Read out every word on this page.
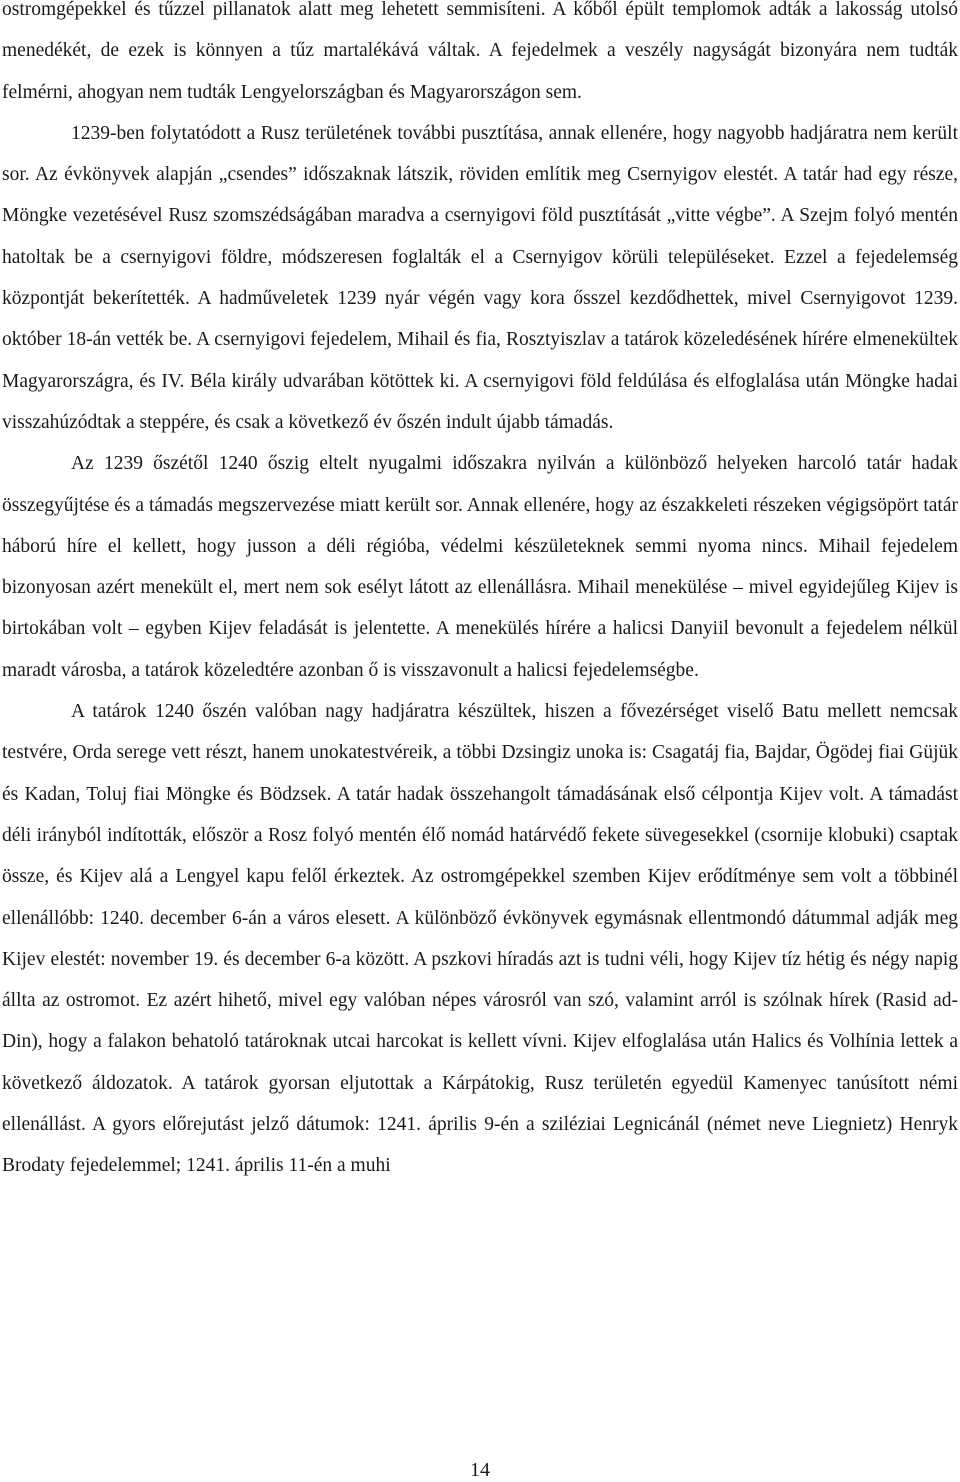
ostromgépekkel és tűzzel pillanatok alatt meg lehetett semmisíteni. A kőből épült templomok adták a lakosság utolsó menedékét, de ezek is könnyen a tűz martalékává váltak. A fejedelmek a veszély nagyságát bizonyára nem tudták felmérni, ahogyan nem tudták Lengyelországban és Magyarországon sem.

1239-ben folytatódott a Rusz területének további pusztítása, annak ellenére, hogy nagyobb hadjáratra nem került sor. Az évkönyvek alapján „csendes” időszaknak látszik, röviden említik meg Csernyigov elestét. A tatár had egy része, Möngke vezetésével Rusz szomszédságában maradva a csernyigovi föld pusztítását „vitte végbe”. A Szejm folyó mentén hatoltak be a csernyigovi földre, módszeresen foglalták el a Csernyigov körüli településeket. Ezzel a fejedelemség központját bekerítették. A hadműveletek 1239 nyár végén vagy kora ősszel kezdődhettek, mivel Csernyigovot 1239. október 18-án vették be. A csernyigovi fejedelem, Mihail és fia, Rosztyiszlav a tatárok közeledésének hírére elmenekültek Magyarországra, és IV. Béla király udvarában kötöttek ki. A csernyigovi föld feldúlása és elfoglalása után Möngke hadai visszahúzódtak a steppére, és csak a következő év őszén indult újabb támadás.

Az 1239 őszétől 1240 őszig eltelt nyugalmi időszakra nyilván a különböző helyeken harcoló tatár hadak összegyűjtése és a támadás megszervezése miatt került sor. Annak ellenére, hogy az északkeleti részeken végigsöpört tatár háború híre el kellett, hogy jusson a déli régióba, védelmi készületeknek semmi nyoma nincs. Mihail fejedelem bizonyosan azért menekült el, mert nem sok esélyt látott az ellenállásra. Mihail menekülése – mivel egyidejűleg Kijev is birtokában volt – egyben Kijev feladását is jelentette. A menekülés hírére a halicsi Danyiil bevonult a fejedelem nélkül maradt városba, a tatárok közeledtére azonban ő is visszavonult a halicsi fejedelemségbe.

A tatárok 1240 őszén valóban nagy hadjáratra készültek, hiszen a fővezérséget viselő Batu mellett nemcsak testvére, Orda serege vett részt, hanem unokatestvéreik, a többi Dzsingiz unoka is: Csagatáj fia, Bajdar, Ögödej fiai Güjük és Kadan, Toluj fiai Möngke és Bödzsek. A tatár hadak összehangolt támadásának első célpontja Kijev volt. A támadást déli irányból indították, először a Rosz folyó mentén élő nomád határvédő fekete süvegesekkel (csornije klobuki) csaptak össze, és Kijev alá a Lengyel kapu felől érkeztek. Az ostromgépekkel szemben Kijev erődítménye sem volt a többinél ellenállóbb: 1240. december 6-án a város elesett. A különböző évkönyvek egymásnak ellentmondó dátummal adják meg Kijev elestét: november 19. és december 6-a között. A pszkovi híradás azt is tudni véli, hogy Kijev tíz hétig és négy napig állta az ostromot. Ez azért hihető, mivel egy valóban népes városról van szó, valamint arról is szólnak hírek (Rasid ad-Din), hogy a falakon behatoló tatároknak utcai harcokat is kellett vívni. Kijev elfoglalása után Halics és Volhínia lettek a következő áldozatok. A tatárok gyorsan eljutottak a Kárpátokig, Rusz területén egyedül Kamenyec tanúsított némi ellenállást. A gyors előrejutást jelző dátumok: 1241. április 9-én a sziléziai Legnicánál (német neve Liegnietz) Henryk Brodaty fejedelemmel; 1241. április 11-én a muhi

14
